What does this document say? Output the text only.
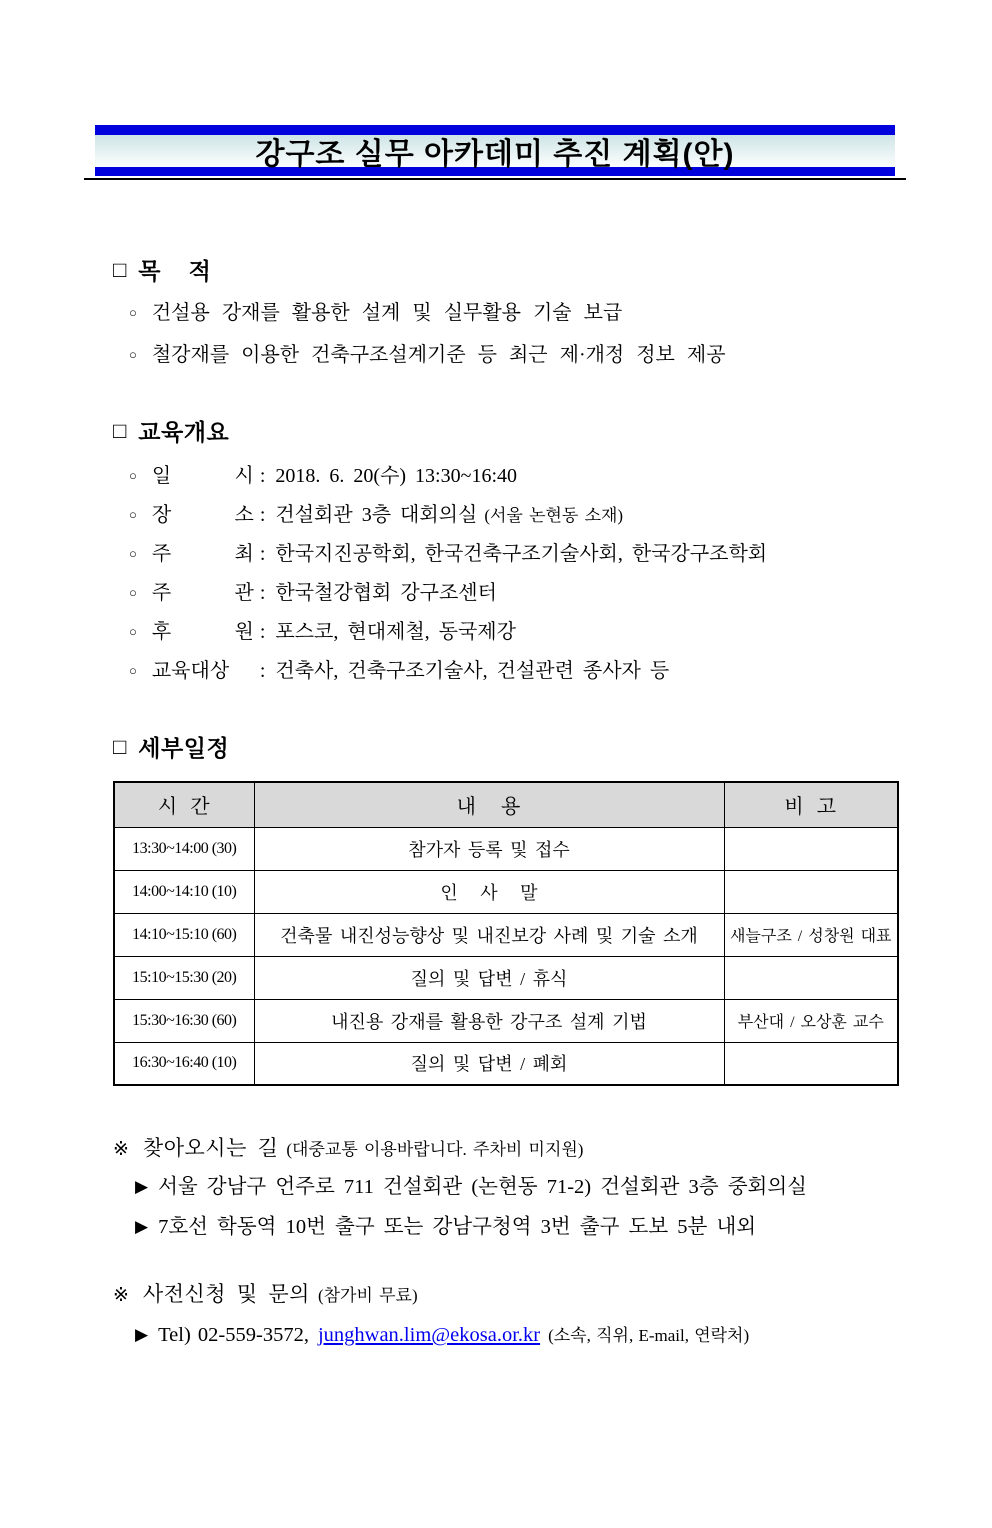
강구조 실무 아카데미 추진 계획(안)
□ 목    적
○ 건설용 강재를 활용한 설계 및 실무활용 기술 보급
○ 철강재를 이용한 건축구조설계기준 등 최근 제·개정 정보 제공
□ 교육개요
○ 일 시 : 2018. 6. 20(수) 13:30~16:40
○ 장 소 : 건설회관 3층 대회의실 (서울 논현동 소재)
○ 주 최 : 한국지진공학회, 한국건축구조기술사회, 한국강구조학회
○ 주 관 : 한국철강협회 강구조센터
○ 후 원 : 포스코, 현대제철, 동국제강
○ 교육대상	: 건축사, 건축구조기술사, 건설관련 종사자 등
□ 세부일정
시  간	내    용	비  고
13:30~14:00 (30)	참가자 등록 및 접수	
14:00~14:10 (10)	인   사   말	
14:10~15:10 (60)	건축물 내진성능향상 및 내진보강 사례 및 기술 소개	새늘구조 / 성창원 대표
15:10~15:30 (20)	질의 및 답변 / 휴식	
15:30~16:30 (60)	내진용 강재를 활용한 강구조 설계 기법	부산대 / 오상훈 교수
16:30~16:40 (10)	질의 및 답변 / 폐회	
※ 찾아오시는 길 (대중교통 이용바랍니다. 주차비 미지원)
▶ 서울 강남구 언주로 711 건설회관 (논현동 71-2) 건설회관 3층 중회의실
▶ 7호선 학동역 10번 출구 또는 강남구청역 3번 출구 도보 5분 내외
※ 사전신청 및 문의 (참가비 무료)
▶ Tel) 02-559-3572, junghwan.lim@ekosa.or.kr (소속, 직위, E-mail, 연락처)
